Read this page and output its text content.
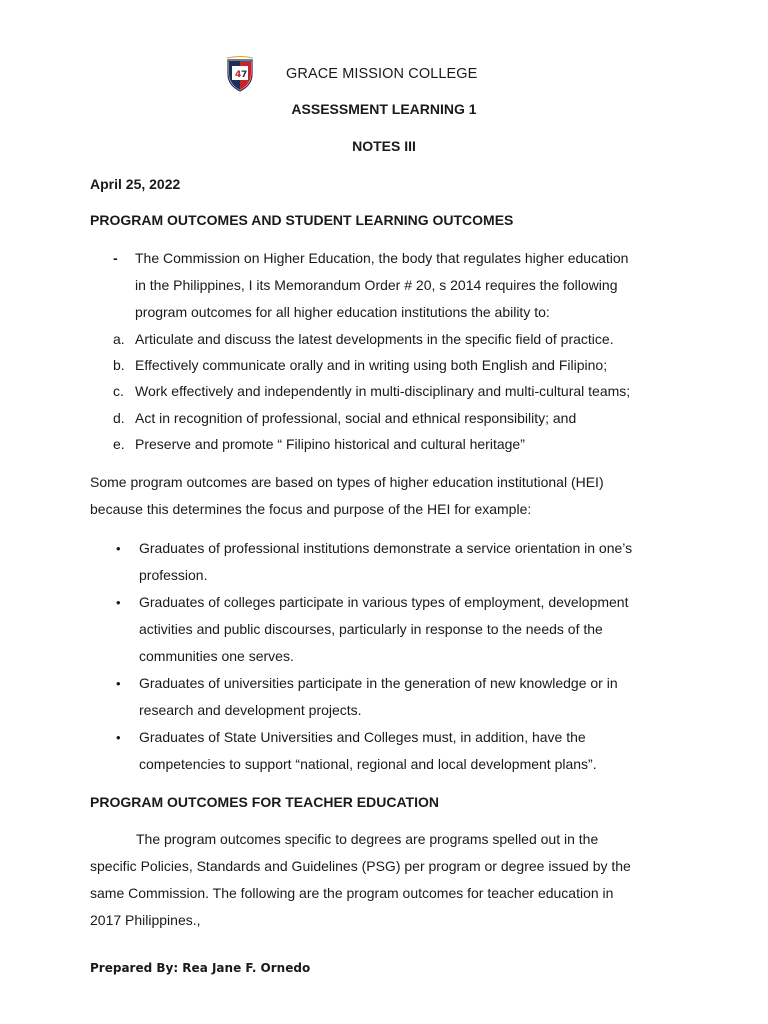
4 7	GRACE MISSION COLLEGE
ASSESSMENT LEARNING 1
NOTES III
April 25, 2022
PROGRAM OUTCOMES AND STUDENT LEARNING OUTCOMES
- The Commission on Higher Education, the body that regulates higher education
in the Philippines, I its Memorandum Order # 20, s 2014 requires the following
program outcomes for all higher education institutions the ability to:
a. Articulate and discuss the latest developments in the specific field of practice.
b. Effectively communicate orally and in writing using both English and Filipino;
c. Work effectively and independently in multi-disciplinary and multi-cultural teams;
d. Act in recognition of professional, social and ethnical responsibility; and
e. Preserve and promote “ Filipino historical and cultural heritage”
Some program outcomes are based on types of higher education institutional (HEI)
because this determines the focus and purpose of the HEI for example:
• Graduates of professional institutions demonstrate a service orientation in one’s
profession.
• Graduates of colleges participate in various types of employment, development
activities and public discourses, particularly in response to the needs of the
communities one serves.
• Graduates of universities participate in the generation of new knowledge or in
research and development projects.
• Graduates of State Universities and Colleges must, in addition, have the
competencies to support “national, regional and local development plans”.
PROGRAM OUTCOMES FOR TEACHER EDUCATION
The program outcomes specific to degrees are programs spelled out in the
specific Policies, Standards and Guidelines (PSG) per program or degree issued by the
same Commission. The following are the program outcomes for teacher education in
2017 Philippines.,
Prepared By: Rea Jane F. Ornedo
